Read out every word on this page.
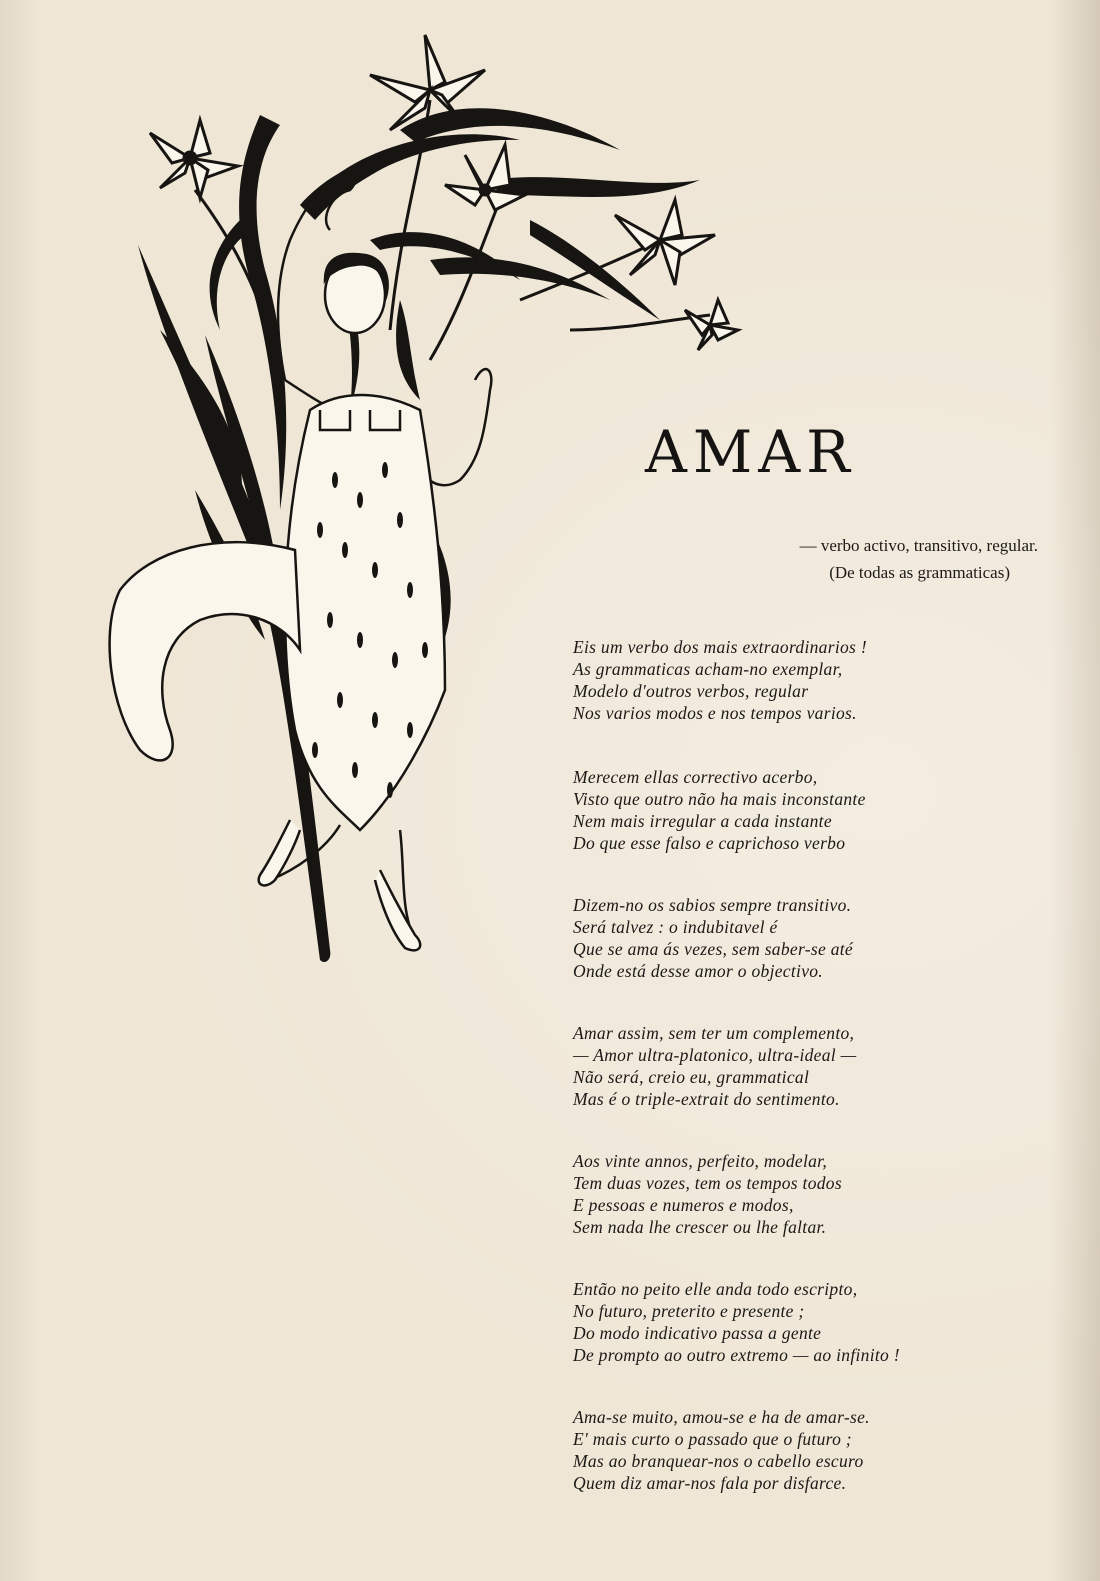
AMAR
— verbo activo, transitivo, regular.
(De todas as grammaticas)
Eis um verbo dos mais extraordinarios !
As grammaticas acham-no exemplar,
Modelo d'outros verbos, regular
Nos varios modos e nos tempos varios.
Merecem ellas correctivo acerbo,
Visto que outro não ha mais inconstante
Nem mais irregular a cada instante
Do que esse falso e caprichoso verbo
Dizem-no os sabios sempre transitivo.
Será talvez : o indubitavel é
Que se ama ás vezes, sem saber-se até
Onde está desse amor o objectivo.
Amar assim, sem ter um complemento,
— Amor ultra-platonico, ultra-ideal —
Não será, creio eu, grammatical
Mas é o triple-extrait do sentimento.
Aos vinte annos, perfeito, modelar,
Tem duas vozes, tem os tempos todos
E pessoas e numeros e modos,
Sem nada lhe crescer ou lhe faltar.
Então no peito elle anda todo escripto,
No futuro, preterito e presente ;
Do modo indicativo passa a gente
De prompto ao outro extremo — ao infinito !
Ama-se muito, amou-se e ha de amar-se.
E' mais curto o passado que o futuro ;
Mas ao branquear-nos o cabello escuro
Quem diz amar-nos fala por disfarce.
